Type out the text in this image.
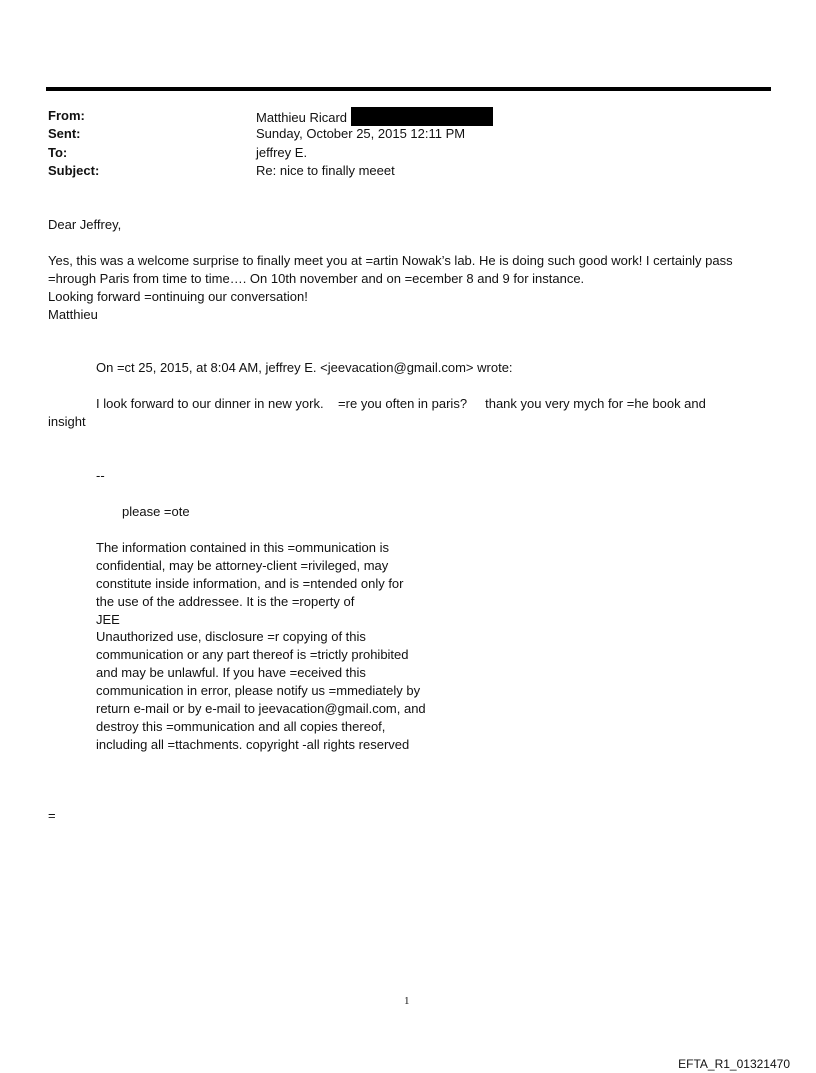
From:	Matthieu Ricard
Sent:	Sunday, October 25, 2015 12:11 PM
To:	jeffrey E.
Subject:	Re: nice to finally meeet
Dear Jeffrey,
Yes, this was a welcome surprise to finally meet you at =artin Nowak’s lab. He is doing such good work! I certainly pass
=hrough Paris from time to time…. On 10th november and on =ecember 8 and 9 for instance.
Looking forward =ontinuing our conversation!
Matthieu
On =ct 25, 2015, at 8:04 AM, jeffrey E. <jeevacation@gmail.com> wrote:
I look forward to our dinner in new york.    =re you often in paris?     thank you very mych for =he book and
insight
--
please =ote
The information contained in this =ommunication is
confidential, may be attorney-client =rivileged, may
constitute inside information, and is =ntended only for
the use of the addressee. It is the =roperty of
JEE
Unauthorized use, disclosure =r copying of this
communication or any part thereof is =trictly prohibited
and may be unlawful. If you have =eceived this
communication in error, please notify us =mmediately by
return e-mail or by e-mail to jeevacation@gmail.com, and
destroy this =ommunication and all copies thereof,
including all =ttachments. copyright -all rights reserved
=
1
EFTA_R1_01321470
